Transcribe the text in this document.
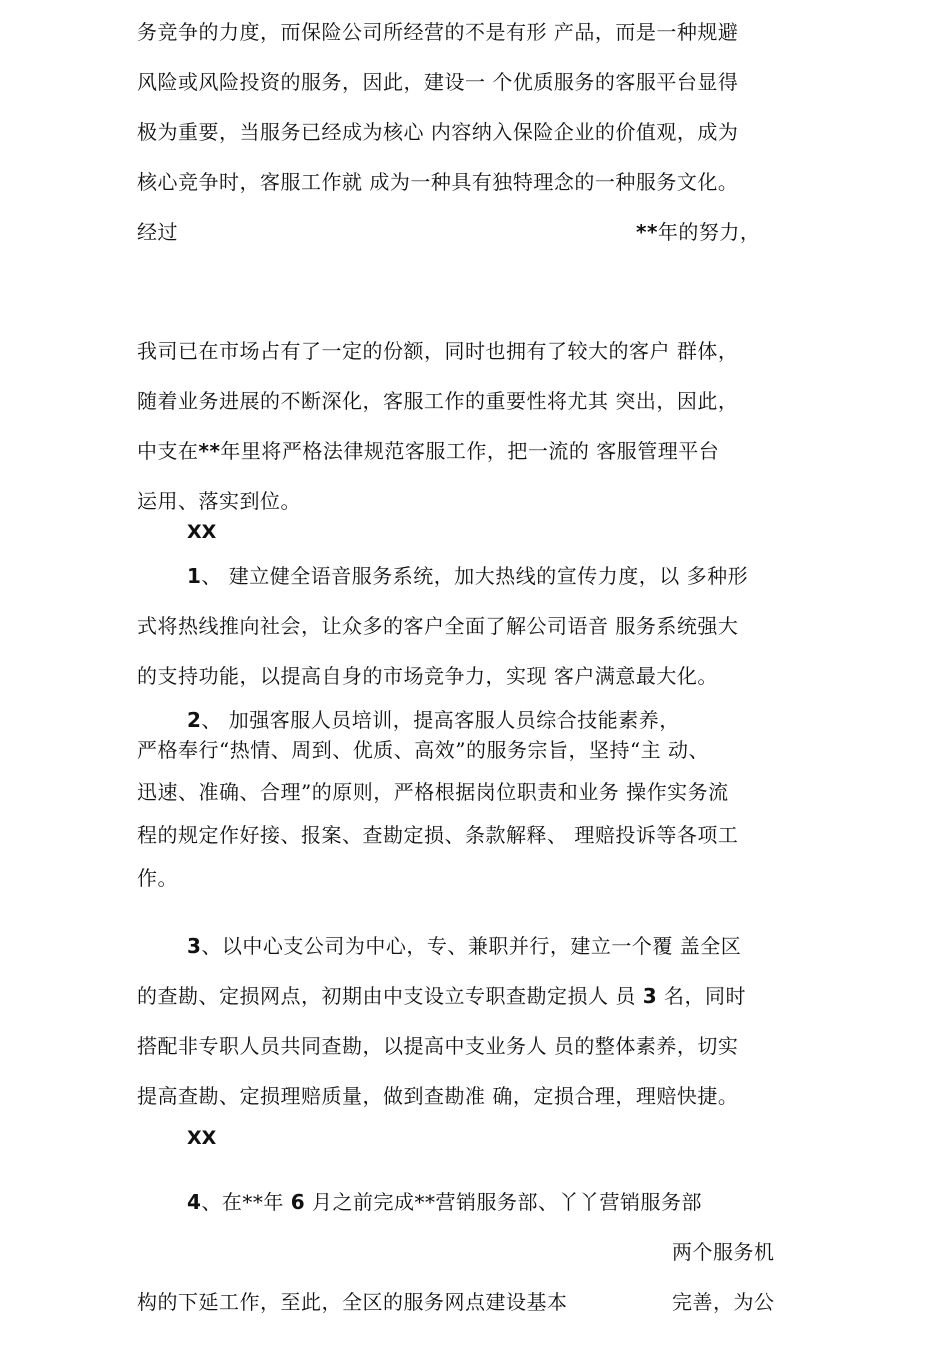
务竞争的力度，而保险公司所经营的不是有形 产品，而是一种规避
风险或风险投资的服务，因此，建设一 个优质服务的客服平台显得
极为重要，当服务已经成为核心 内容纳入保险企业的价值观，成为
核心竞争时，客服工作就 成为一种具有独特理念的一种服务文化。
经过	**年的努力，
我司已在市场占有了一定的份额，同时也拥有了较大的客户 群体，
随着业务进展的不断深化，客服工作的重要性将尤其 突出，因此，
中支在**年里将严格法律规范客服工作，把一流的 客服管理平台
运用、落实到位。
XX
1、 建立健全语音服务系统，加大热线的宣传力度，以 多种形
式将热线推向社会，让众多的客户全面了解公司语音 服务系统强大
的支持功能，以提高自身的市场竞争力，实现 客户满意最大化。
2、 加强客服人员培训，提高客服人员综合技能素养，
严格奉行“热情、周到、优质、高效”的服务宗旨，坚持“主 动、
迅速、准确、合理”的原则，严格根据岗位职责和业务 操作实务流
程的规定作好接、报案、查勘定损、条款解释、 理赔投诉等各项工
作。
3、以中心支公司为中心，专、兼职并行，建立一个覆 盖全区
的查勘、定损网点，初期由中支设立专职查勘定损人 员 3 名，同时
搭配非专职人员共同查勘，以提高中支业务人 员的整体素养，切实
提高查勘、定损理赔质量，做到查勘准 确，定损合理，理赔快捷。
XX
4、在**年 6 月之前完成**营销服务部、丫丫营销服务部
两个服务机
构的下延工作，至此，全区的服务网点建设基本	完善，为公
